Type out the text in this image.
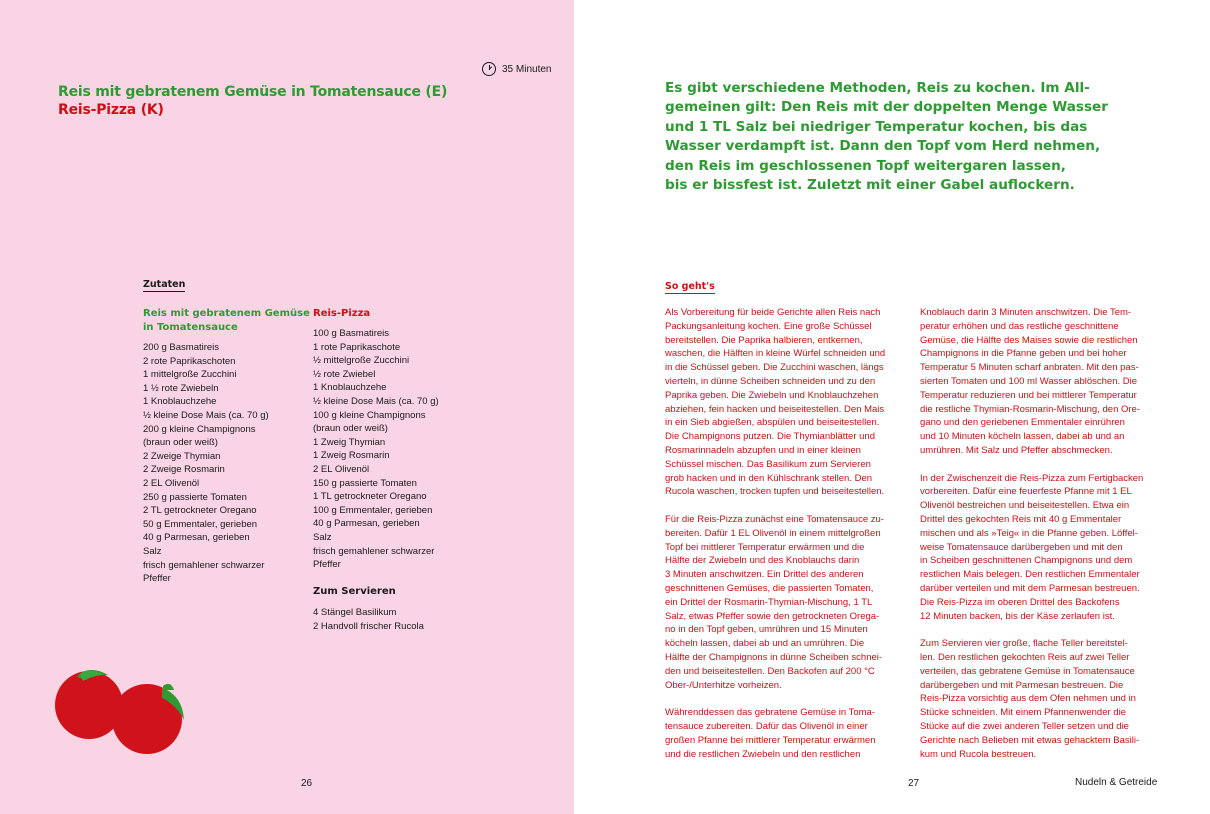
35 Minuten
Reis mit gebratenem Gemüse in Tomatensauce (E)
Reis-Pizza (K)
Zutaten
Reis mit gebratenem Gemüse
in Tomatensauce
200 g Basmatireis
2 rote Paprikaschoten
1 mittelgroße Zucchini
1 ½ rote Zwiebeln
1 Knoblauchzehe
½ kleine Dose Mais (ca. 70 g)
200 g kleine Champignons
(braun oder weiß)
2 Zweige Thymian
2 Zweige Rosmarin
2 EL Olivenöl
250 g passierte Tomaten
2 TL getrockneter Oregano
50 g Emmentaler, gerieben
40 g Parmesan, gerieben
Salz
frisch gemahlener schwarzer
Pfeffer
Reis-Pizza
100 g Basmatireis
1 rote Paprikaschote
½ mittelgroße Zucchini
½ rote Zwiebel
1 Knoblauchzehe
½ kleine Dose Mais (ca. 70 g)
100 g kleine Champignons
(braun oder weiß)
1 Zweig Thymian
1 Zweig Rosmarin
2 EL Olivenöl
150 g passierte Tomaten
1 TL getrockneter Oregano
100 g Emmentaler, gerieben
40 g Parmesan, gerieben
Salz
frisch gemahlener schwarzer
Pfeffer
Zum Servieren
4 Stängel Basilikum
2 Handvoll frischer Rucola
26
Es gibt verschiedene Methoden, Reis zu kochen. Im All-
gemeinen gilt: Den Reis mit der doppelten Menge Wasser
und 1 TL Salz bei niedriger Temperatur kochen, bis das
Wasser verdampft ist. Dann den Topf vom Herd nehmen,
den Reis im geschlossenen Topf weitergaren lassen,
bis er bissfest ist. Zuletzt mit einer Gabel auflockern.
So geht's

Als Vorbereitung für beide Gerichte allen Reis nach
Packungsanleitung kochen. Eine große Schüssel
bereitstellen. Die Paprika halbieren, entkernen,
waschen, die Hälften in kleine Würfel schneiden und
in die Schüssel geben. Die Zucchini waschen, längs
vierteln, in dünne Scheiben schneiden und zu den
Paprika geben. Die Zwiebeln und Knoblauchzehen
abziehen, fein hacken und beiseitestellen. Den Mais
in ein Sieb abgießen, abspülen und beiseitestellen.
Die Champignons putzen. Die Thymianblätter und
Rosmarinnadeln abzupfen und in einer kleinen
Schüssel mischen. Das Basilikum zum Servieren
grob hacken und in den Kühlschrank stellen. Den
Rucola waschen, trocken tupfen und beiseitestellen.

Für die Reis-Pizza zunächst eine Tomatensauce zu-
bereiten. Dafür 1 EL Olivenöl in einem mittelgroßen
Topf bei mittlerer Temperatur erwärmen und die
Hälfte der Zwiebeln und des Knoblauchs darin
3 Minuten anschwitzen. Ein Drittel des anderen
geschnittenen Gemüses, die passierten Tomaten,
ein Drittel der Rosmarin-Thymian-Mischung, 1 TL
Salz, etwas Pfeffer sowie den getrockneten Orega-
no in den Topf geben, umrühren und 15 Minuten
köcheln lassen, dabei ab und an umrühren. Die
Hälfte der Champignons in dünne Scheiben schnei-
den und beiseitestellen. Den Backofen auf 200 °C
Ober-/Unterhitze vorheizen.

Währenddessen das gebratene Gemüse in Toma-
tensauce zubereiten. Dafür das Olivenöl in einer
großen Pfanne bei mittlerer Temperatur erwärmen
und die restlichen Zwiebeln und den restlichen

Knoblauch darin 3 Minuten anschwitzen. Die Tem-
peratur erhöhen und das restliche geschnittene
Gemüse, die Hälfte des Maises sowie die restlichen
Champignons in die Pfanne geben und bei hoher
Temperatur 5 Minuten scharf anbraten. Mit den pas-
sierten Tomaten und 100 ml Wasser ablöschen. Die
Temperatur reduzieren und bei mittlerer Temperatur
die restliche Thymian-Rosmarin-Mischung, den Ore-
gano und den geriebenen Emmentaler einrühren
und 10 Minuten köcheln lassen, dabei ab und an
umrühren. Mit Salz und Pfeffer abschmecken.

In der Zwischenzeit die Reis-Pizza zum Fertigbacken
vorbereiten. Dafür eine feuerfeste Pfanne mit 1 EL
Olivenöl bestreichen und beiseitestellen. Etwa ein
Drittel des gekochten Reis mit 40 g Emmentaler
mischen und als »Teig« in die Pfanne geben. Löffel-
weise Tomatensauce darübergeben und mit den
in Scheiben geschnittenen Champignons und dem
restlichen Mais belegen. Den restlichen Emmentaler
darüber verteilen und mit dem Parmesan bestreuen.
Die Reis-Pizza im oberen Drittel des Backofens
12 Minuten backen, bis der Käse zerlaufen ist.

Zum Servieren vier große, flache Teller bereitstel-
len. Den restlichen gekochten Reis auf zwei Teller
verteilen, das gebratene Gemüse in Tomatensauce
darübergeben und mit Parmesan bestreuen. Die
Reis-Pizza vorsichtig aus dem Ofen nehmen und in
Stücke schneiden. Mit einem Pfannenwender die
Stücke auf die zwei anderen Teller setzen und die
Gerichte nach Belieben mit etwas gehacktem Basili-
kum und Rucola bestreuen.

27	Nudeln & Getreide
